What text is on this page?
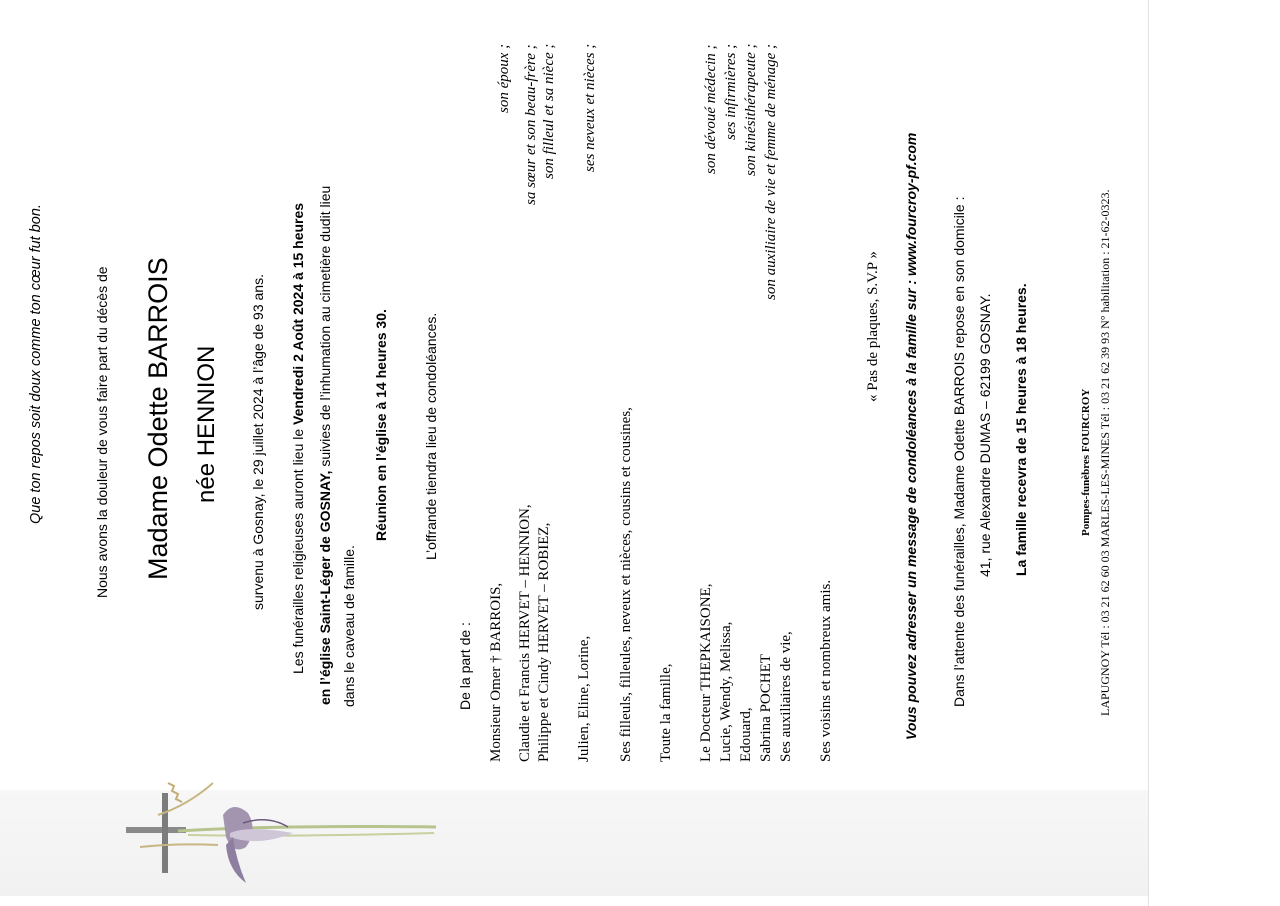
Que ton repos soit doux comme ton cœur fut bon.	Nous avons la douleur de vous faire part du décès de Madame Odette BARROIS née HENNION survenu à Gosnay, le 29 juillet 2024 à l’âge de 93 ans. Les funérailles religieuses auront lieu le Vendredi 2 Août 2024 à 15 heures
en l’église Saint-Léger de GOSNAY, suivies de l’inhumation au cimetière dudit lieu
dans le caveau de famille.
Réunion en l’église à 14 heures 30. L’offrande tiendra lieu de condoléances.
De la part de : Monsieur Omer † BARROIS, Claudie et Francis HERVET – HENNION, Philippe et Cindy HERVET – ROBIEZ, Julien, Eline, Lorine, Ses filleuls, filleules, neveux et nièces, cousins et cousines, Toute la famille, Le Docteur THEPKAISONE, Lucie, Wendy, Melissa, Edouard, Sabrina POCHET Ses auxiliaires de vie, Ses voisins et nombreux amis.
son époux ; sa sœur et son beau-frère ; son filleul et sa nièce ; ses neveux et nièces ;	son dévoué médecin ; ses infirmières ; son kinésithérapeute ; son auxiliaire de vie et femme de ménage ;
« Pas de plaques, S.V.P » Vous pouvez adresser un message de condoléances à la famille sur : www.fourcroy-pf.com Dans l’attente des funérailles, Madame Odette BARROIS repose en son domicile : 41, rue Alexandre DUMAS – 62199 GOSNAY. La famille recevra de 15 heures à 18 heures.	Pompes-funèbres FOURCROY LAPUGNOY Tél : 03 21 62 60 03 MARLES-LES-MINES Tél : 03 21 62 39 93 N° habilitation : 21-62-0323.
